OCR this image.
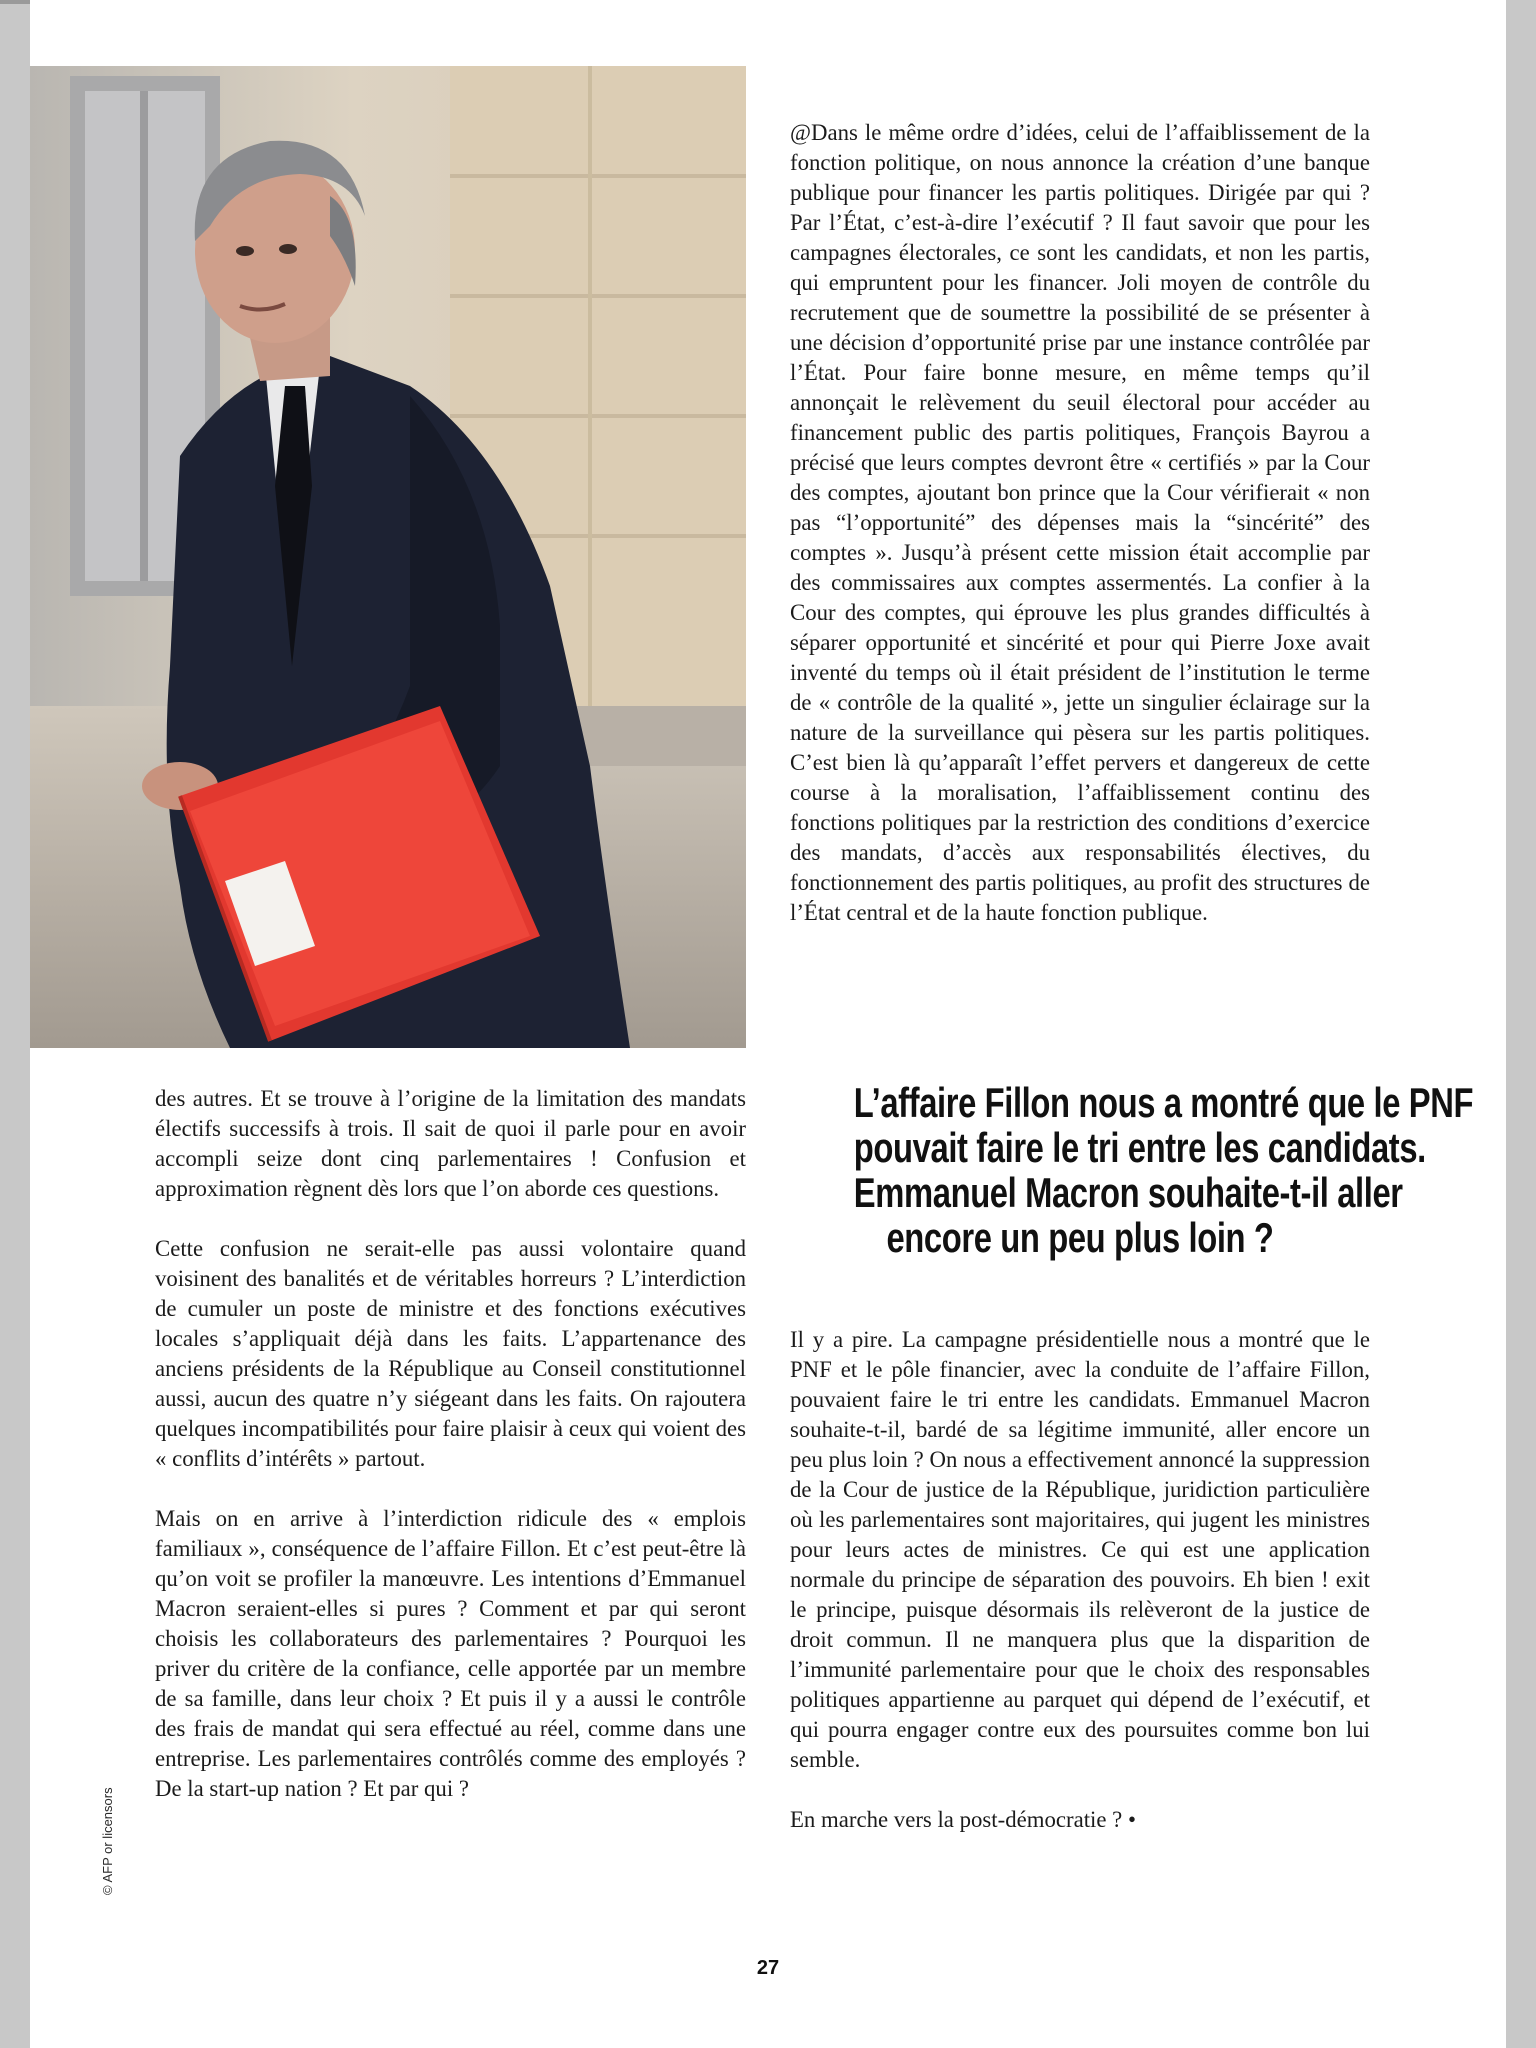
@Dans le même ordre d’idées, celui de l’affaiblissement de la fonction politique, on nous annonce la création d’une banque publique pour financer les partis politiques. Dirigée par qui ? Par l’État, c’est-à-dire l’exécutif ? Il faut savoir que pour les campagnes électorales, ce sont les candidats, et non les partis, qui empruntent pour les financer. Joli moyen de contrôle du recrutement que de soumettre la possibilité de se présenter à une décision d’opportunité prise par une instance contrôlée par l’État. Pour faire bonne mesure, en même temps qu’il annonçait le relèvement du seuil électoral pour accéder au financement public des partis politiques, François Bayrou a précisé que leurs comptes devront être « certifiés » par la Cour des comptes, ajoutant bon prince que la Cour vérifierait « non pas “l’opportunité” des dépenses mais la “sincérité” des comptes ». Jusqu’à présent cette mission était accomplie par des commissaires aux comptes assermentés. La confier à la Cour des comptes, qui éprouve les plus grandes difficultés à séparer opportunité et sincérité et pour qui Pierre Joxe avait inventé du temps où il était président de l’institution le terme de « contrôle de la qualité », jette un singulier éclairage sur la nature de la surveillance qui pèsera sur les partis politiques. C’est bien là qu’apparaît l’effet pervers et dangereux de cette course à la moralisation, l’affaiblissement continu des fonctions politiques par la restriction des conditions d’exercice des mandats, d’accès aux responsabilités électives, du fonctionnement des partis politiques, au profit des structures de l’État central et de la haute fonction publique.

des autres. Et se trouve à l’origine de la limitation des mandats électifs successifs à trois. Il sait de quoi il parle pour en avoir accompli seize dont cinq parlementaires ! Confusion et approximation règnent dès lors que l’on aborde ces questions.

Cette confusion ne serait-elle pas aussi volontaire quand voisinent des banalités et de véritables horreurs ? L’interdiction de cumuler un poste de ministre et des fonctions exécutives locales s’appliquait déjà dans les faits. L’appartenance des anciens présidents de la République au Conseil constitutionnel aussi, aucun des quatre n’y siégeant dans les faits. On rajoutera quelques incompatibilités pour faire plaisir à ceux qui voient des « conflits d’intérêts » partout.

Mais on en arrive à l’interdiction ridicule des « emplois familiaux », conséquence de l’affaire Fillon. Et c’est peut-être là qu’on voit se profiler la manœuvre. Les intentions d’Emmanuel Macron seraient-elles si pures ? Comment et par qui seront choisis les collaborateurs des parlementaires ? Pourquoi les priver du critère de la confiance, celle apportée par un membre de sa famille, dans leur choix ? Et puis il y a aussi le contrôle des frais de mandat qui sera effectué au réel, comme dans une entreprise. Les parlementaires contrôlés comme des employés ? De la start-up nation ? Et par qui ?

L’affaire Fillon nous a montré que le PNF
pouvait faire le tri entre les candidats.
Emmanuel Macron souhaite-t-il aller
encore un peu plus loin ?

Il y a pire. La campagne présidentielle nous a montré que le PNF et le pôle financier, avec la conduite de l’affaire Fillon, pouvaient faire le tri entre les candidats. Emmanuel Macron souhaite-t-il, bardé de sa légitime immunité, aller encore un peu plus loin ? On nous a effectivement annoncé la suppression de la Cour de justice de la République, juridiction particulière où les parlementaires sont majoritaires, qui jugent les ministres pour leurs actes de ministres. Ce qui est une application normale du principe de séparation des pouvoirs. Eh bien ! exit le principe, puisque désormais ils relèveront de la justice de droit commun. Il ne manquera plus que la disparition de l’immunité parlementaire pour que le choix des responsables politiques appartienne au parquet qui dépend de l’exécutif, et qui pourra engager contre eux des poursuites comme bon lui semble.

En marche vers la post-démocratie ? •

© AFP or licensors
27
